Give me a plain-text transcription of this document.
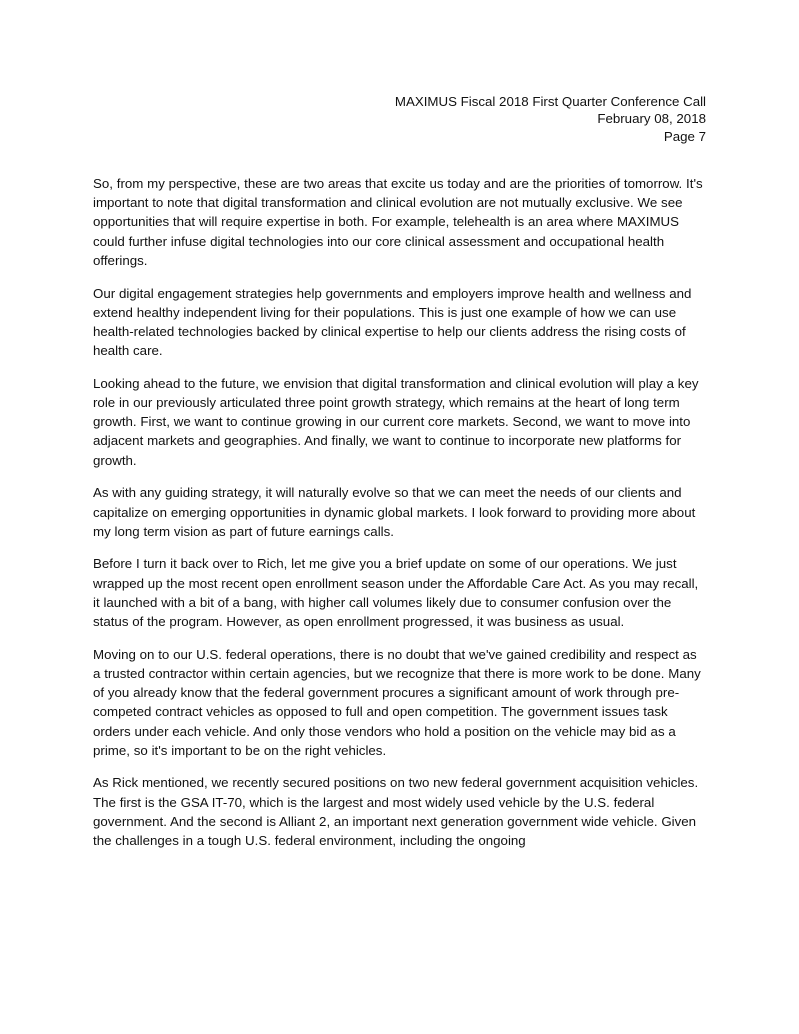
MAXIMUS Fiscal 2018 First Quarter Conference Call
February 08, 2018
Page 7

So, from my perspective, these are two areas that excite us today and are the priorities of tomorrow. It's important to note that digital transformation and clinical evolution are not mutually exclusive. We see opportunities that will require expertise in both. For example, telehealth is an area where MAXIMUS could further infuse digital technologies into our core clinical assessment and occupational health offerings.

Our digital engagement strategies help governments and employers improve health and wellness and extend healthy independent living for their populations. This is just one example of how we can use health-related technologies backed by clinical expertise to help our clients address the rising costs of health care.

Looking ahead to the future, we envision that digital transformation and clinical evolution will play a key role in our previously articulated three point growth strategy, which remains at the heart of long term growth. First, we want to continue growing in our current core markets. Second, we want to move into adjacent markets and geographies. And finally, we want to continue to incorporate new platforms for growth.

As with any guiding strategy, it will naturally evolve so that we can meet the needs of our clients and capitalize on emerging opportunities in dynamic global markets. I look forward to providing more about my long term vision as part of future earnings calls.

Before I turn it back over to Rich, let me give you a brief update on some of our operations. We just wrapped up the most recent open enrollment season under the Affordable Care Act. As you may recall, it launched with a bit of a bang, with higher call volumes likely due to consumer confusion over the status of the program. However, as open enrollment progressed, it was business as usual.

Moving on to our U.S. federal operations, there is no doubt that we've gained credibility and respect as a trusted contractor within certain agencies, but we recognize that there is more work to be done. Many of you already know that the federal government procures a significant amount of work through pre-competed contract vehicles as opposed to full and open competition. The government issues task orders under each vehicle. And only those vendors who hold a position on the vehicle may bid as a prime, so it's important to be on the right vehicles.

As Rick mentioned, we recently secured positions on two new federal government acquisition vehicles. The first is the GSA IT-70, which is the largest and most widely used vehicle by the U.S. federal government. And the second is Alliant 2, an important next generation government wide vehicle. Given the challenges in a tough U.S. federal environment, including the ongoing
